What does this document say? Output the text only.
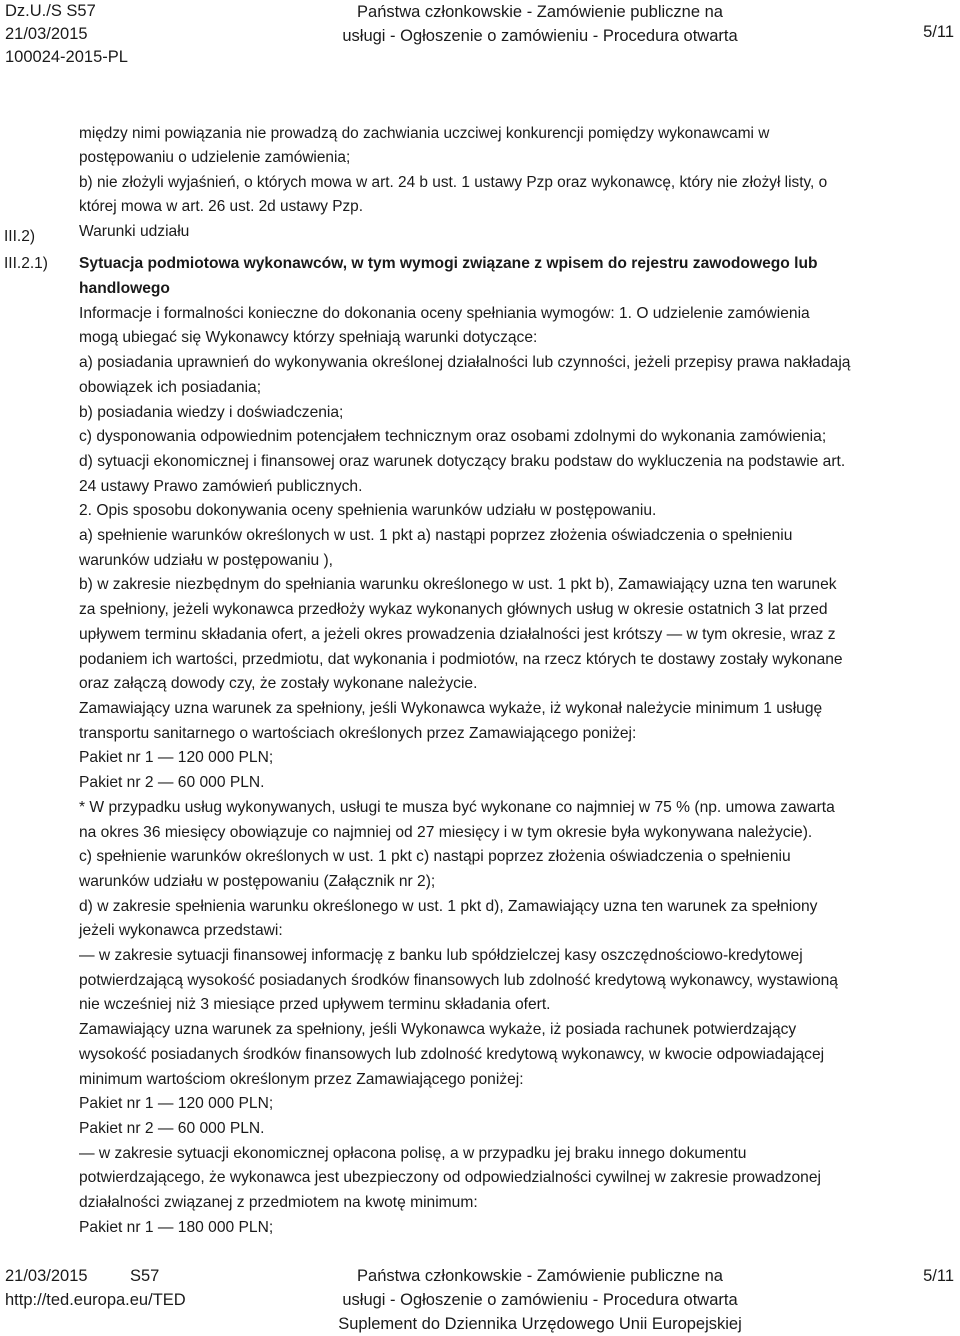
Dz.U./S S57
21/03/2015
100024-2015-PL
Państwa członkowskie - Zamówienie publiczne na
usługi - Ogłoszenie o zamówieniu - Procedura otwarta	5/11
III.2)
III.2.1)

między nimi powiązania nie prowadzą do zachwiania uczciwej konkurencji pomiędzy wykonawcami w

postępowaniu o udzielenie zamówienia;

b) nie złożyli wyjaśnień, o których mowa w art. 24 b ust. 1 ustawy Pzp oraz wykonawcę, który nie złożył listy, o

której mowa w art. 26 ust. 2d ustawy Pzp.

Warunki udziału

Sytuacja podmiotowa wykonawców, w tym wymogi związane z wpisem do rejestru zawodowego lub

handlowego

Informacje i formalności konieczne do dokonania oceny spełniania wymogów: 1. O udzielenie zamówienia

mogą ubiegać się Wykonawcy którzy spełniają warunki dotyczące:

a) posiadania uprawnień do wykonywania określonej działalności lub czynności, jeżeli przepisy prawa nakładają

obowiązek ich posiadania;

b) posiadania wiedzy i doświadczenia;

c) dysponowania odpowiednim potencjałem technicznym oraz osobami zdolnymi do wykonania zamówienia;

d) sytuacji ekonomicznej i finansowej oraz warunek dotyczący braku podstaw do wykluczenia na podstawie art.

24 ustawy Prawo zamówień publicznych.

2. Opis sposobu dokonywania oceny spełnienia warunków udziału w postępowaniu.

a) spełnienie warunków określonych w ust. 1 pkt a) nastąpi poprzez złożenia oświadczenia o spełnieniu

warunków udziału w postępowaniu ),

b) w zakresie niezbędnym do spełniania warunku określonego w ust. 1 pkt b), Zamawiający uzna ten warunek

za spełniony, jeżeli wykonawca przedłoży wykaz wykonanych głównych usług w okresie ostatnich 3 lat przed

upływem terminu składania ofert, a jeżeli okres prowadzenia działalności jest krótszy — w tym okresie, wraz z

podaniem ich wartości, przedmiotu, dat wykonania i podmiotów, na rzecz których te dostawy zostały wykonane

oraz załączą dowody czy, że zostały wykonane należycie.

Zamawiający uzna warunek za spełniony, jeśli Wykonawca wykaże, iż wykonał należycie minimum 1 usługę

transportu sanitarnego o wartościach określonych przez Zamawiającego poniżej:

Pakiet nr 1 — 120 000 PLN;

Pakiet nr 2 — 60 000 PLN.

* W przypadku usług wykonywanych, usługi te musza być wykonane co najmniej w 75 % (np. umowa zawarta

na okres 36 miesięcy obowiązuje co najmniej od 27 miesięcy i w tym okresie była wykonywana należycie).

c) spełnienie warunków określonych w ust. 1 pkt c) nastąpi poprzez złożenia oświadczenia o spełnieniu

warunków udziału w postępowaniu (Załącznik nr 2);

d) w zakresie spełnienia warunku określonego w ust. 1 pkt d), Zamawiający uzna ten warunek za spełniony

jeżeli wykonawca przedstawi:

— w zakresie sytuacji finansowej informację z banku lub spółdzielczej kasy oszczędnościowo-kredytowej

potwierdzającą wysokość posiadanych środków finansowych lub zdolność kredytową wykonawcy, wystawioną

nie wcześniej niż 3 miesiące przed upływem terminu składania ofert.

Zamawiający uzna warunek za spełniony, jeśli Wykonawca wykaże, iż posiada rachunek potwierdzający

wysokość posiadanych środków finansowych lub zdolność kredytową wykonawcy, w kwocie odpowiadającej

minimum wartościom określonym przez Zamawiającego poniżej:

Pakiet nr 1 — 120 000 PLN;

Pakiet nr 2 — 60 000 PLN.

— w zakresie sytuacji ekonomicznej opłacona polisę, a w przypadku jej braku innego dokumentu

potwierdzającego, że wykonawca jest ubezpieczony od odpowiedzialności cywilnej w zakresie prowadzonej

działalności związanej z przedmiotem na kwotę minimum:

Pakiet nr 1 — 180 000 PLN;

21/03/2015
http://ted.europa.eu/TED
S57	Państwa członkowskie - Zamówienie publiczne na
usługi - Ogłoszenie o zamówieniu - Procedura otwarta
Suplement do Dziennika Urzędowego Unii Europejskiej
5/11
